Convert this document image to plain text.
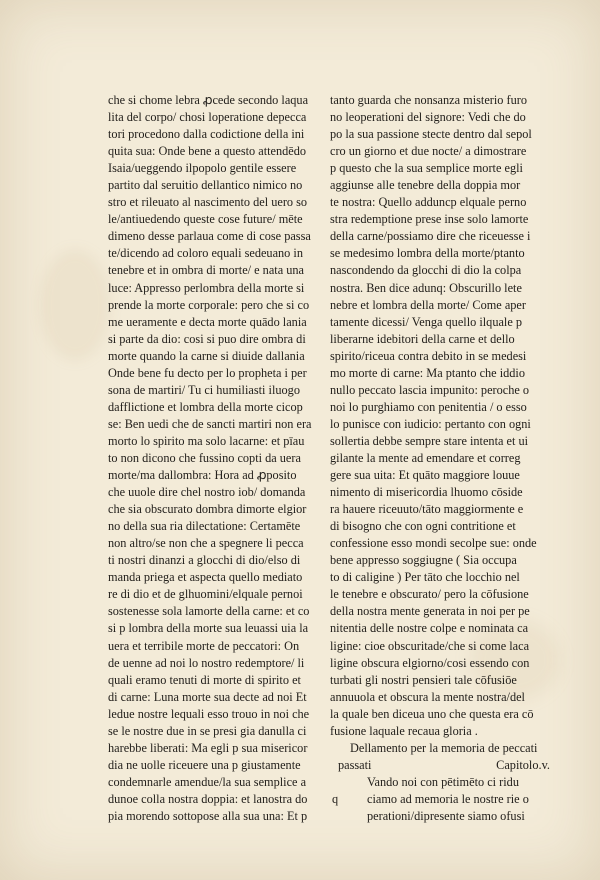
che si chome lebra ꝓcede secondo laqua
lita del corpo/ chosi loperatione depecca
tori procedono dalla codictione della ini
quita sua: Onde bene a questo attendēdo
Isaia/ueggendo ilpopolo gentile essere
partito dal seruitio dellantico nimico no
stro et rileuato al nascimento del uero so
le/antiuedendo queste cose future/ mēte
dimeno desse parlaua come di cose passa
te/dicendo ad coloro equali sedeuano in
tenebre et in ombra di morte/ e nata una
luce: Appresso perlombra della morte si
prende la morte corporale: pero che si co
me ueramente e decta morte quādo lania
si parte da dio: cosi si puo dire ombra di
morte quando la carne si diuide dallania
Onde bene fu decto per lo propheta i per
sona de martiri/ Tu ci humiliasti iluogo
dafflictione et lombra della morte cicop
se: Ben uedi che de sancti martiri non era
morto lo spirito ma solo lacarne: et pīau
to non dicono che fussino copti da uera
morte/ma dallombra: Hora ad ꝓposito
che uuole dire chel nostro iob/ domanda
che sia obscurato dombra dimorte elgior
no della sua ria dilectatione: Certamēte
non altro/se non che a spegnere li pecca
ti nostri dinanzi a glocchi di dio/elso di
manda priega et aspecta quello mediato
re di dio et de glhuomini/elquale pernoi
sostenesse sola lamorte della carne: et co
si p lombra della morte sua leuassi uia la
uera et terribile morte de peccatori: On
de uenne ad noi lo nostro redemptore/ li
quali eramo tenuti di morte di spirito et
di carne: Luna morte sua decte ad noi Et
ledue nostre lequali esso trouo in noi che
se le nostre due in se presi gia danulla ci
harebbe liberati: Ma egli p sua misericor
dia ne uolle riceuere una p giustamente
condemnarle amendue/la sua semplice a
dunoe colla nostra doppia: et lanostra do
pia morendo sottopose alla sua una: Et p
tanto guarda che nonsanza misterio furo
no leoperationi del signore: Vedi che do
po la sua passione stecte dentro dal sepol
cro un giorno et due nocte/ a dimostrare
p questo che la sua semplice morte egli
aggiunse alle tenebre della doppia mor
te nostra: Quello adduncp elquale perno
stra redemptione prese inse solo lamorte
della carne/possiamo dire che riceuesse i
se medesimo lombra della morte/ptanto
nascondendo da glocchi di dio la colpa
nostra. Ben dice adunq: Obscurillo lete
nebre et lombra della morte/ Come aper
tamente dicessi/ Venga quello ilquale p
liberarne idebitori della carne et dello
spirito/riceua contra debito in se medesi
mo morte di carne: Ma ptanto che iddio
nullo peccato lascia impunito: peroche o
noi lo purghiamo con penitentia / o esso
lo punisce con iudicio: pertanto con ogni
sollertia debbe sempre stare intenta et ui
gilante la mente ad emendare et correg
gere sua uita: Et quāto maggiore louue
nimento di misericordia lhuomo cōside
ra hauere riceuuto/tāto maggiormente e
di bisogno che con ogni contritione et
confessione esso mondi secolpe sue: onde
bene appresso soggiugne ( Sia occupa
to di caligine ) Per tāto che locchio nel
le tenebre e obscurato/ pero la cōfusione
della nostra mente generata in noi per pe
nitentia delle nostre colpe e nominata ca
ligine: cioe obscuritade/che si come laca
ligine obscura elgiorno/cosi essendo con
turbati gli nostri pensieri tale cōfusiōe
annuuola et obscura la mente nostra/del
la quale ben diceua uno che questa era cō
fusione laquale recaua gloria .
Dellamento per la memoria de peccati
passati	Capitolo.v.
Vando noi con pētimēto ci ridu
q ciamo ad memoria le nostre rie o
perationi/dipresente siamo ofusi
